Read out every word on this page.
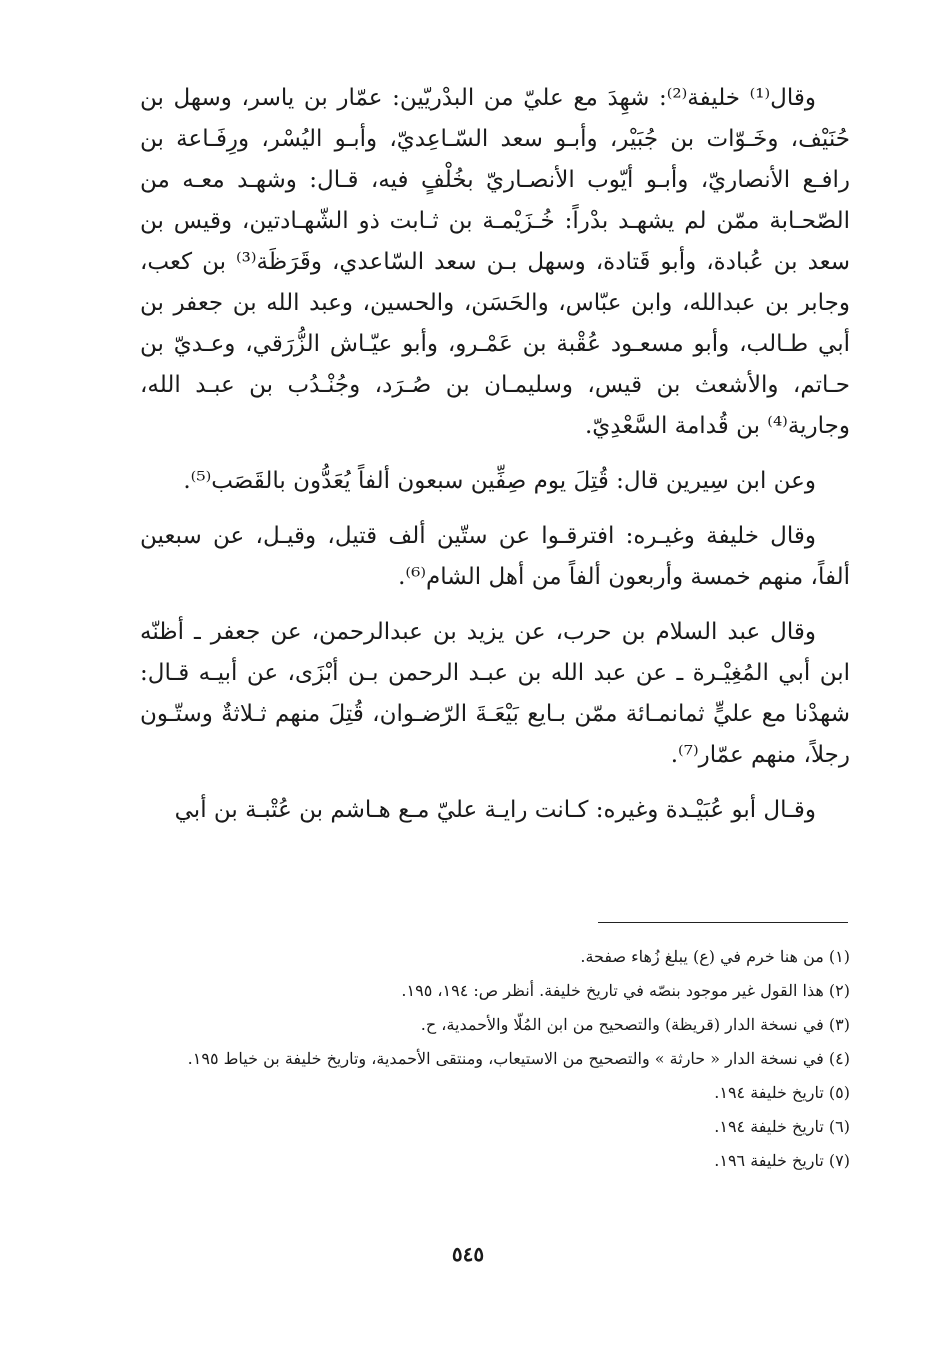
وقال⁽¹⁾ خليفة⁽²⁾: شهِدَ مع عليّ من البدْريّين: عمّار بن ياسر، وسهل بن حُنَيْف، وخَـوّات بن جُبَيْر، وأبـو سعد السّـاعِديّ، وأبـو اليُسْر، ورِفَـاعة بن رافـع الأنصاريّ، وأبـو أيّوب الأنصـاريّ بخُلْفٍ فيه، قـال: وشهـد معـه من الصّحـابة ممّن لم يشهـد بدْراً: خُـزَيْمـة بن ثـابت ذو الشّهـادتين، وقيس بن سعد بن عُبادة، وأبو قَتادة، وسهل بـن سعد السّاعدي، وقَرَظَة⁽³⁾ بن كعب، وجابر بن عبدالله، وابن عبّاس، والحَسَن، والحسين، وعبد الله بن جعفر بن أبي طـالب، وأبو مسعـود عُقْبة بن عَمْـرو، وأبو عيّـاش الزُّرَقي، وعـديّ بن حـاتم، والأشعث بن قيس، وسليمـان بن صُـرَد، وجُنْـدُب بن عبـد الله، وجارية⁽⁴⁾ بن قُدامة السَّعْدِيّ.

وعن ابن سِيرين قال: قُتِلَ يوم صِفِّين سبعون ألفاً يُعَدُّون بالقَصَب⁽⁵⁾.

وقال خليفة وغيـره: افترقـوا عن ستّين ألف قتيل، وقيـل، عن سبعين ألفاً، منهم خمسة وأربعون ألفاً من أهل الشام⁽⁶⁾.

وقال عبد السلام بن حرب، عن يزيد بن عبدالرحمن، عن جعفر ـ أظنّه ابن أبي المُغِيْـرة ـ عن عبد الله بن عبـد الرحمن بـن أبْزَى، عن أبيـه قـال: شهدْنا مع عليٍّ ثمانمـائة ممّن بـايع بَيْعَـةَ الرّضـوان، قُتِلَ منهم ثـلاثةٌ وستّـون رجلاً، منهم عمّار⁽⁷⁾.

وقـال أبو عُبَيْـدة وغيره: كـانت رايـة عليّ مـع هـاشم بن عُتْبـة بن أبي

(١) من هنا خرم في (ع) يبلغ زُهاء صفحة.

(٢) هذا القول غير موجود بنصّه في تاريخ خليفة. أنظر ص: ١٩٤، ١٩٥.

(٣) في نسخة الدار (قريظة) والتصحيح من ابن المُلّا والأحمدية، ح.

(٤) في نسخة الدار « حارثة » والتصحيح من الاستيعاب، ومنتقى الأحمدية، وتاريخ خليفة بن خياط ١٩٥.

(٥) تاريخ خليفة ١٩٤.

(٦) تاريخ خليفة ١٩٤.

(٧) تاريخ خليفة ١٩٦.

٥٤٥
